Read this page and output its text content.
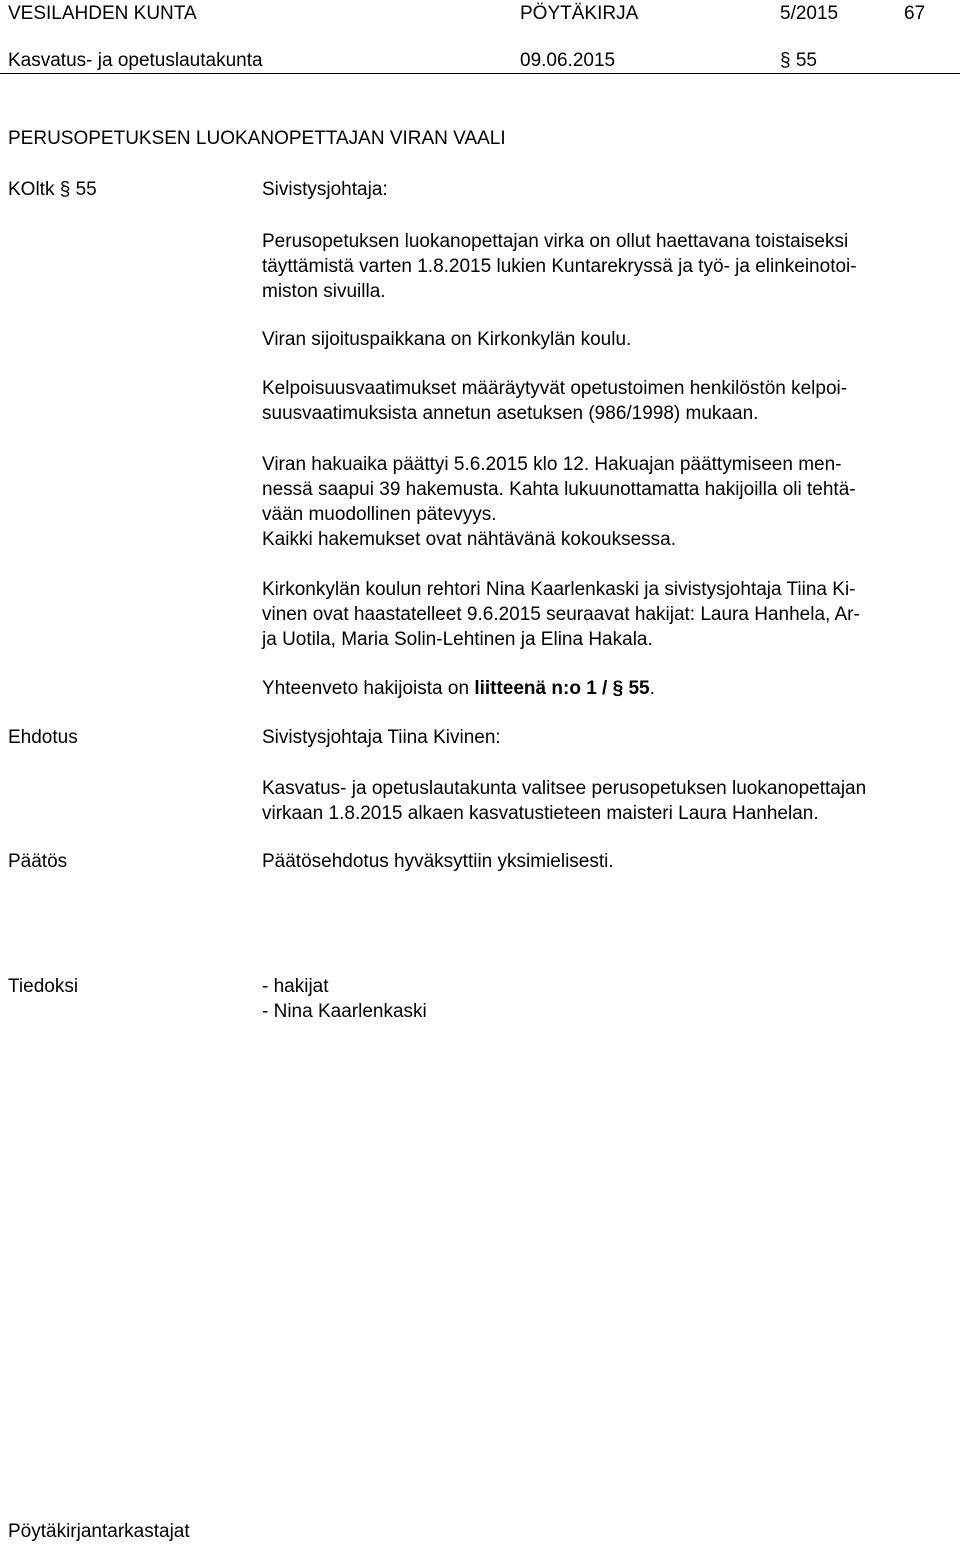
VESILAHDEN KUNTA	PÖYTÄKIRJA	5/2015	67
Kasvatus- ja opetuslautakunta	09.06.2015	§ 55
PERUSOPETUKSEN LUOKANOPETTAJAN VIRAN VAALI
KOltk § 55	Sivistysjohtaja:

Perusopetuksen luokanopettajan virka on ollut haettavana toistaiseksi

täyttämistä varten 1.8.2015 lukien Kuntarekryssä ja työ- ja elinkeinotoi-

miston sivuilla.

Viran sijoituspaikkana on Kirkonkylän koulu.

Kelpoisuusvaatimukset määräytyvät opetustoimen henkilöstön kelpoi-

suusvaatimuksista annetun asetuksen (986/1998) mukaan.

Viran hakuaika päättyi 5.6.2015 klo 12. Hakuajan päättymiseen men-

nessä saapui 39 hakemusta. Kahta lukuunottamatta hakijoilla oli tehtä-

vään muodollinen pätevyys.

Kaikki hakemukset ovat nähtävänä kokouksessa.

Kirkonkylän koulun rehtori Nina Kaarlenkaski ja sivistysjohtaja Tiina Ki-

vinen ovat haastatelleet 9.6.2015 seuraavat hakijat: Laura Hanhela, Ar-

ja Uotila, Maria Solin-Lehtinen ja Elina Hakala.

Yhteenveto hakijoista on liitteenä n:o 1 / § 55.

Ehdotus	Sivistysjohtaja Tiina Kivinen:

Kasvatus- ja opetuslautakunta valitsee perusopetuksen luokanopettajan

virkaan 1.8.2015 alkaen kasvatustieteen maisteri Laura Hanhelan.

Päätös	Päätösehdotus hyväksyttiin yksimielisesti.
Tiedoksi	- hakijat

- Nina Kaarlenkaski

Pöytäkirjantarkastajat
